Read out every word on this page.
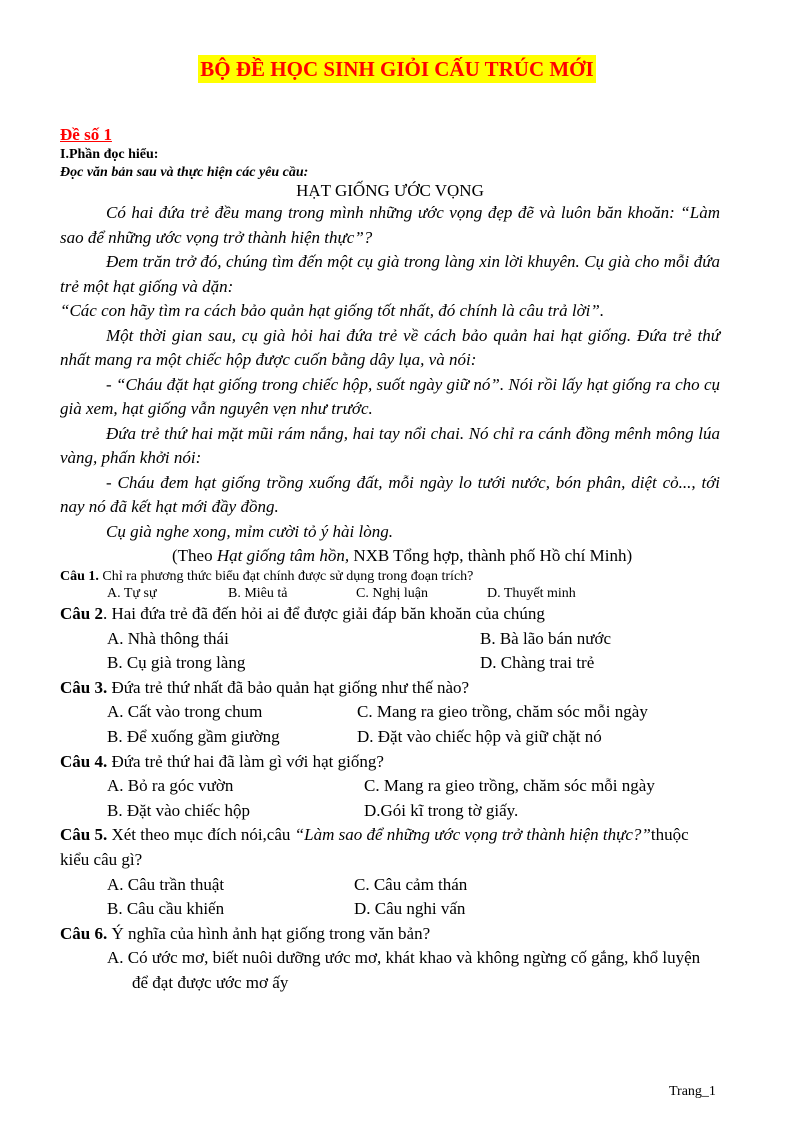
BỘ ĐỀ HỌC SINH GIỎI CẤU TRÚC MỚI
Đề số 1
I.Phần đọc hiểu:
Đọc văn bản sau và thực hiện các yêu cầu:
HẠT GIỐNG ƯỚC VỌNG

Có hai đứa trẻ đều mang trong mình những ước vọng đẹp đẽ và luôn băn khoăn: “Làm sao để những ước vọng trở thành hiện thực”?

Đem trăn trở đó, chúng tìm đến một cụ già trong làng xin lời khuyên. Cụ già cho mỗi đứa trẻ một hạt giống và dặn:

“Các con hãy tìm ra cách bảo quản hạt giống tốt nhất, đó chính là câu trả lời”.

Một thời gian sau, cụ già hỏi hai đứa trẻ về cách bảo quản hai hạt giống. Đứa trẻ thứ nhất mang ra một chiếc hộp được cuốn bằng dây lụa, và nói:

- “Cháu đặt hạt giống trong chiếc hộp, suốt ngày giữ nó”. Nói rồi lấy hạt giống ra cho cụ già xem, hạt giống vẫn nguyên vẹn như trước.

Đứa trẻ thứ hai mặt mũi rám nắng, hai tay nổi chai. Nó chỉ ra cánh đồng mênh mông lúa vàng, phấn khởi nói:

- Cháu đem hạt giống trồng xuống đất, mỗi ngày lo tưới nước, bón phân, diệt cỏ..., tới nay nó đã kết hạt mới đầy đồng.

Cụ già nghe xong, mỉm cười tỏ ý hài lòng.

(Theo Hạt giống tâm hồn, NXB Tổng hợp, thành phố Hồ chí Minh)
Câu 1. Chỉ ra phương thức biểu đạt chính được sử dụng trong đoạn trích?
A. Tự sự	B. Miêu tả	C. Nghị luận	D. Thuyết minh
Câu 2. Hai đứa trẻ đã đến hỏi ai để được giải đáp băn khoăn của chúng
A. Nhà thông thái	B. Bà lão bán nước
B. Cụ già trong làng	D. Chàng trai trẻ
Câu 3. Đứa trẻ thứ nhất đã bảo quản hạt giống như thế nào?
A. Cất vào trong chum	C. Mang ra gieo trồng, chăm sóc mỗi ngày
B. Để xuống gầm giường	D. Đặt vào chiếc hộp và giữ chặt nó
Câu 4. Đứa trẻ thứ hai đã làm gì với hạt giống?
A. Bỏ ra góc vườn	C. Mang ra gieo trồng, chăm sóc mỗi ngày
B. Đặt vào chiếc hộp	D.Gói kĩ trong tờ giấy.
Câu 5. Xét theo mục đích nói,câu “Làm sao để những ước vọng trở thành hiện thực?”thuộc kiểu câu gì?
A. Câu trần thuật	C. Câu cảm thán
B. Câu cầu khiến	D. Câu nghi vấn
Câu 6. Ý nghĩa của hình ảnh hạt giống trong văn bản?
A. Có ước mơ, biết nuôi dưỡng ước mơ, khát khao và không ngừng cố gắng, khổ luyện để đạt được ước mơ ấy
Trang_1
